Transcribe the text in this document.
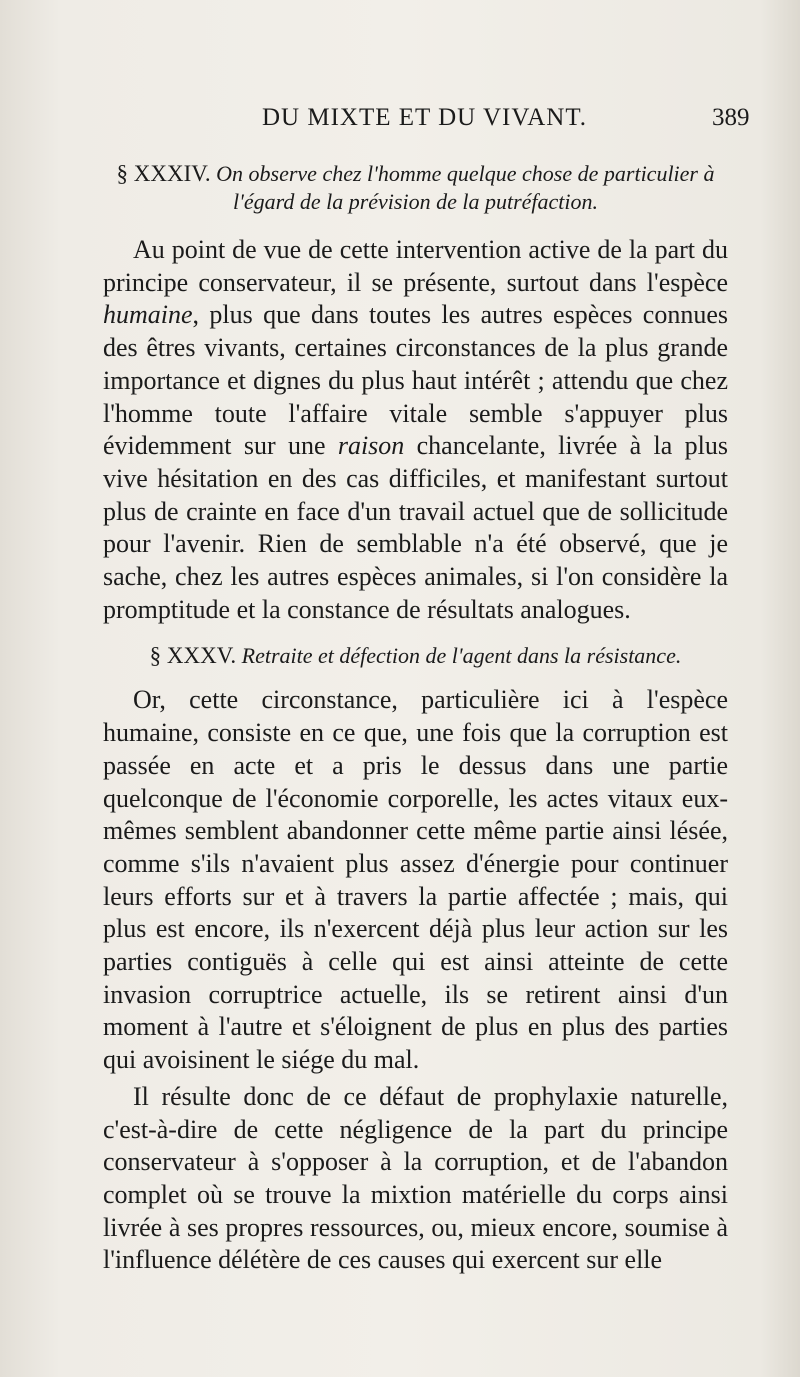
DU MIXTE ET DU VIVANT.	389
§ XXXIV. On observe chez l'homme quelque chose de particulier à l'égard de la prévision de la putréfaction.

Au point de vue de cette intervention active de la part du principe conservateur, il se présente, surtout dans l'espèce humaine, plus que dans toutes les autres espèces connues des êtres vivants, certaines circonstances de la plus grande importance et dignes du plus haut intérêt ; attendu que chez l'homme toute l'affaire vitale semble s'appuyer plus évidemment sur une raison chancelante, livrée à la plus vive hésitation en des cas difficiles, et manifestant surtout plus de crainte en face d'un travail actuel que de sollicitude pour l'avenir. Rien de semblable n'a été observé, que je sache, chez les autres espèces animales, si l'on considère la promptitude et la constance de résultats analogues.

§ XXXV. Retraite et défection de l'agent dans la résistance.

Or, cette circonstance, particulière ici à l'espèce humaine, consiste en ce que, une fois que la corruption est passée en acte et a pris le dessus dans une partie quelconque de l'économie corporelle, les actes vitaux eux-mêmes semblent abandonner cette même partie ainsi lésée, comme s'ils n'avaient plus assez d'énergie pour continuer leurs efforts sur et à travers la partie affectée ; mais, qui plus est encore, ils n'exercent déjà plus leur action sur les parties contiguës à celle qui est ainsi atteinte de cette invasion corruptrice actuelle, ils se retirent ainsi d'un moment à l'autre et s'éloignent de plus en plus des parties qui avoisinent le siége du mal.

Il résulte donc de ce défaut de prophylaxie naturelle, c'est-à-dire de cette négligence de la part du principe conservateur à s'opposer à la corruption, et de l'abandon complet où se trouve la mixtion matérielle du corps ainsi livrée à ses propres ressources, ou, mieux encore, soumise à l'influence délétère de ces causes qui exercent sur elle
